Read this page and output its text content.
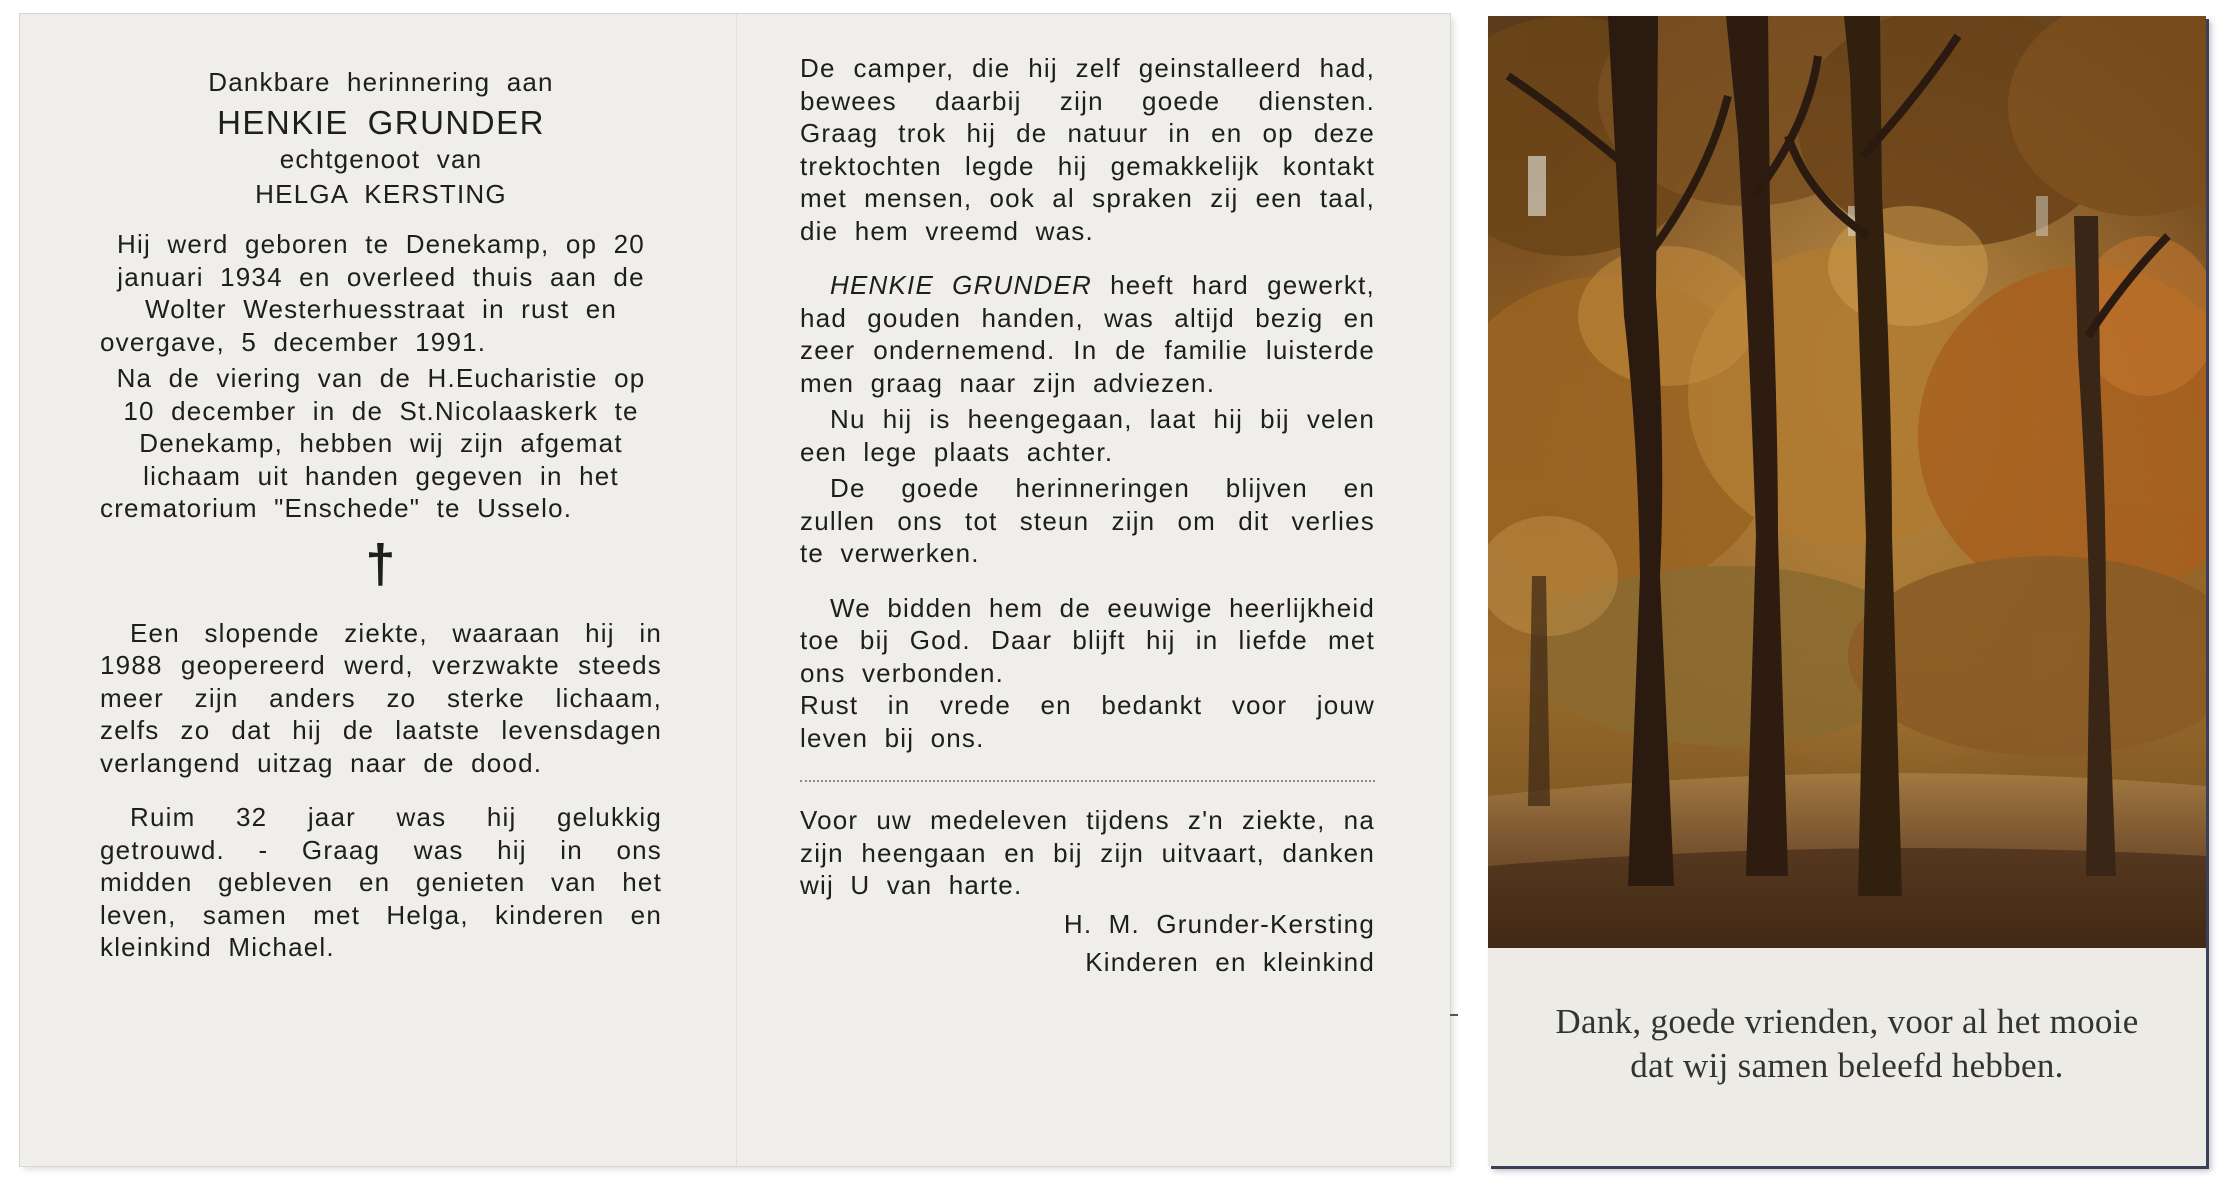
Dankbare herinnering aan

HENKIE GRUNDER

echtgenoot van

HELGA KERSTING

Hij werd geboren te Denekamp, op 20 januari 1934 en overleed thuis aan de Wolter Westerhuesstraat in rust en overgave, 5 december 1991.

Na de viering van de H.Eucharistie op 10 december in de St.Nicolaaskerk te Denekamp, hebben wij zijn afgemat lichaam uit handen gegeven in het crematorium "Enschede" te Usselo.

†

Een slopende ziekte, waaraan hij in 1988 geopereerd werd, verzwakte steeds meer zijn anders zo sterke lichaam, zelfs zo dat hij de laatste levensdagen verlangend uitzag naar de dood.

Ruim 32 jaar was hij gelukkig getrouwd. - Graag was hij in ons midden gebleven en genieten van het leven, samen met Helga, kinderen en kleinkind Michael.

De camper, die hij zelf geinstalleerd had, bewees daarbij zijn goede diensten. Graag trok hij de natuur in en op deze trektochten legde hij gemakkelijk kontakt met mensen, ook al spraken zij een taal, die hem vreemd was.

HENKIE GRUNDER heeft hard gewerkt, had gouden handen, was altijd bezig en zeer ondernemend. In de familie luisterde men graag naar zijn adviezen.

Nu hij is heengegaan, laat hij bij velen een lege plaats achter.

De goede herinneringen blijven en zullen ons tot steun zijn om dit verlies te verwerken.

We bidden hem de eeuwige heerlijkheid toe bij God. Daar blijft hij in liefde met ons verbonden.

Rust in vrede en bedankt voor jouw leven bij ons.

Voor uw medeleven tijdens z'n ziekte, na zijn heengaan en bij zijn uitvaart, danken wij U van harte.

H. M. Grunder-Kersting

Kinderen en kleinkind

Dank, goede vrienden, voor al het mooie
dat wij samen beleefd hebben.
